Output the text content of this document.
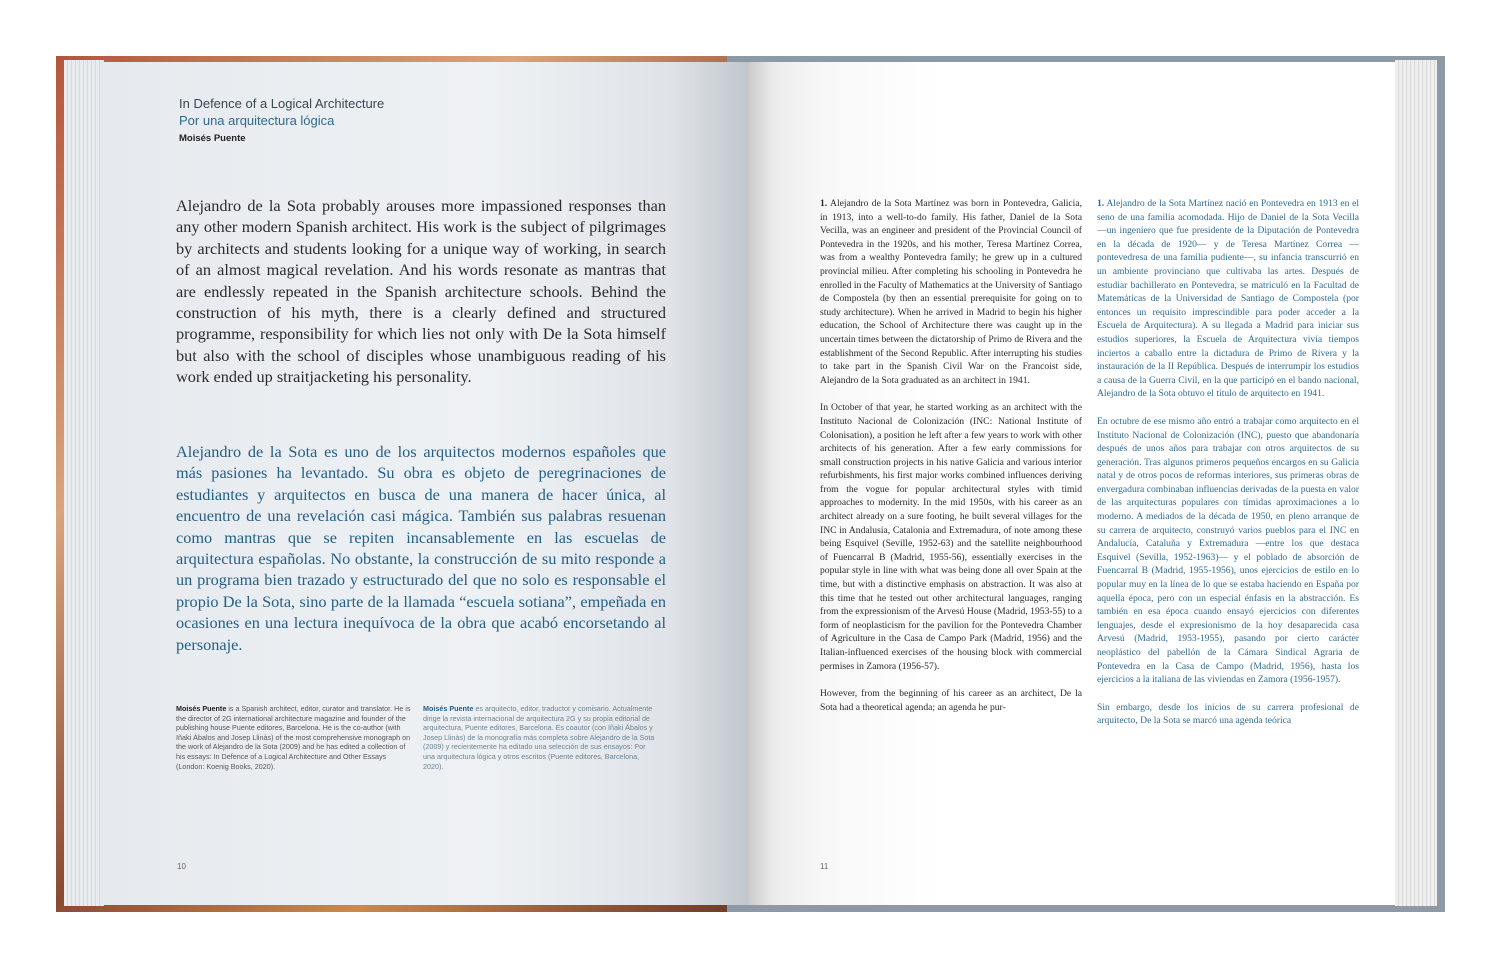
In Defence of a Logical Architecture
Por una arquitectura lógica
Moisés Puente

Alejandro de la Sota probably arouses more impassioned responses than any other modern Spanish architect. His work is the subject of pilgrimages by architects and students looking for a unique way of working, in search of an almost magical revelation. And his words resonate as mantras that are endlessly repeated in the Spanish architecture schools. Behind the construction of his myth, there is a clearly defined and structured programme, responsibility for which lies not only with De la Sota himself but also with the school of disciples whose unambiguous reading of his work ended up straitjacketing his personality.

Alejandro de la Sota es uno de los arquitectos modernos españoles que más pasiones ha levantado. Su obra es objeto de peregrinaciones de estudiantes y arquitectos en busca de una manera de hacer única, al encuentro de una revelación casi mágica. También sus palabras resuenan como mantras que se repiten incansablemente en las escuelas de arquitectura españolas. No obstante, la construcción de su mito responde a un programa bien trazado y estructurado del que no solo es responsable el propio De la Sota, sino parte de la llamada “escuela sotiana”, empeñada en ocasiones en una lectura inequívoca de la obra que acabó encorsetando al personaje.

Moisés Puente is a Spanish architect, editor, curator and translator. He is the director of 2G international architecture magazine and founder of the publishing house Puente editores, Barcelona. He is the co-author (with Iñaki Ábalos and Josep Llinàs) of the most comprehensive monograph on the work of Alejandro de la Sota (2009) and he has edited a collection of his essays: In Defence of a Logical Architecture and Other Essays (London: Koenig Books, 2020).

Moisés Puente es arquitecto, editor, traductor y comisario. Actualmente dirige la revista internacional de arquitectura 2G y su propia editorial de arquitectura, Puente editores, Barcelona. Es coautor (con Iñaki Ábalos y Josep Llinàs) de la monografía más completa sobre Alejandro de la Sota (2009) y recientemente ha editado una selección de sus ensayos: Por una arquitectura lógica y otros escritos (Puente editores, Barcelona, 2020).

10	11

1. Alejandro de la Sota Martínez was born in Pontevedra, Galicia, in 1913, into a well-to-do family. His father, Daniel de la Sota Vecilla, was an engineer and president of the Provincial Council of Pontevedra in the 1920s, and his mother, Teresa Martínez Correa, was from a wealthy Pontevedra family; he grew up in a cultured provincial milieu. After completing his schooling in Pontevedra he enrolled in the Faculty of Mathematics at the University of Santiago de Compostela (by then an essential prerequisite for going on to study architecture). When he arrived in Madrid to begin his higher education, the School of Architecture there was caught up in the uncertain times between the dictatorship of Primo de Rivera and the establishment of the Second Republic. After interrupting his studies to take part in the Spanish Civil War on the Francoist side, Alejandro de la Sota graduated as an architect in 1941.

In October of that year, he started working as an architect with the Instituto Nacional de Colonización (INC: National Institute of Colonisation), a position he left after a few years to work with other architects of his generation. After a few early commissions for small construction projects in his native Galicia and various interior refurbishments, his first major works combined influences deriving from the vogue for popular architectural styles with timid approaches to modernity. In the mid 1950s, with his career as an architect already on a sure footing, he built several villages for the INC in Andalusia, Catalonia and Extremadura, of note among these being Esquivel (Seville, 1952-63) and the satellite neighbourhood of Fuencarral B (Madrid, 1955-56), essentially exercises in the popular style in line with what was being done all over Spain at the time, but with a distinctive emphasis on abstraction. It was also at this time that he tested out other architectural languages, ranging from the expressionism of the Arvesú House (Madrid, 1953-55) to a form of neoplasticism for the pavilion for the Pontevedra Chamber of Agriculture in the Casa de Campo Park (Madrid, 1956) and the Italian-influenced exercises of the housing block with commercial permises in Zamora (1956-57).

However, from the beginning of his career as an architect, De la Sota had a theoretical agenda; an agenda he pur-

1. Alejandro de la Sota Martínez nació en Pontevedra en 1913 en el seno de una familia acomodada. Hijo de Daniel de la Sota Vecilla —un ingeniero que fue presidente de la Diputación de Pontevedra en la década de 1920— y de Teresa Martínez Correa —pontevedresa de una familia pudiente—, su infancia transcurrió en un ambiente provinciano que cultivaba las artes. Después de estudiar bachillerato en Pontevedra, se matriculó en la Facultad de Matemáticas de la Universidad de Santiago de Compostela (por entonces un requisito imprescindible para poder acceder a la Escuela de Arquitectura). A su llegada a Madrid para iniciar sus estudios superiores, la Escuela de Arquitectura vivía tiempos inciertos a caballo entre la dictadura de Primo de Rivera y la instauración de la II República. Después de interrumpir los estudios a causa de la Guerra Civil, en la que participó en el bando nacional, Alejandro de la Sota obtuvo el título de arquitecto en 1941.

En octubre de ese mismo año entró a trabajar como arquitecto en el Instituto Nacional de Colonización (INC), puesto que abandonaría después de unos años para trabajar con otros arquitectos de su generación. Tras algunos primeros pequeños encargos en su Galicia natal y de otros pocos de reformas interiores, sus primeras obras de envergadura combinaban influencias derivadas de la puesta en valor de las arquitecturas populares con tímidas aproximaciones a lo moderno. A mediados de la década de 1950, en pleno arranque de su carrera de arquitecto, construyó varios pueblos para el INC en Andalucía, Cataluña y Extremadura —entre los que destaca Esquivel (Sevilla, 1952-1963)— y el poblado de absorción de Fuencarral B (Madrid, 1955-1956), unos ejercicios de estilo en lo popular muy en la línea de lo que se estaba haciendo en España por aquella época, pero con un especial énfasis en la abstracción. Es también en esa época cuando ensayó ejercicios con diferentes lenguajes, desde el expresionismo de la hoy desaparecida casa Arvesú (Madrid, 1953-1955), pasando por cierto carácter neoplástico del pabellón de la Cámara Sindical Agraria de Pontevedra en la Casa de Campo (Madrid, 1956), hasta los ejercicios a la italiana de las viviendas en Zamora (1956-1957).

Sin embargo, desde los inicios de su carrera profesional de arquitecto, De la Sota se marcó una agenda teórica
